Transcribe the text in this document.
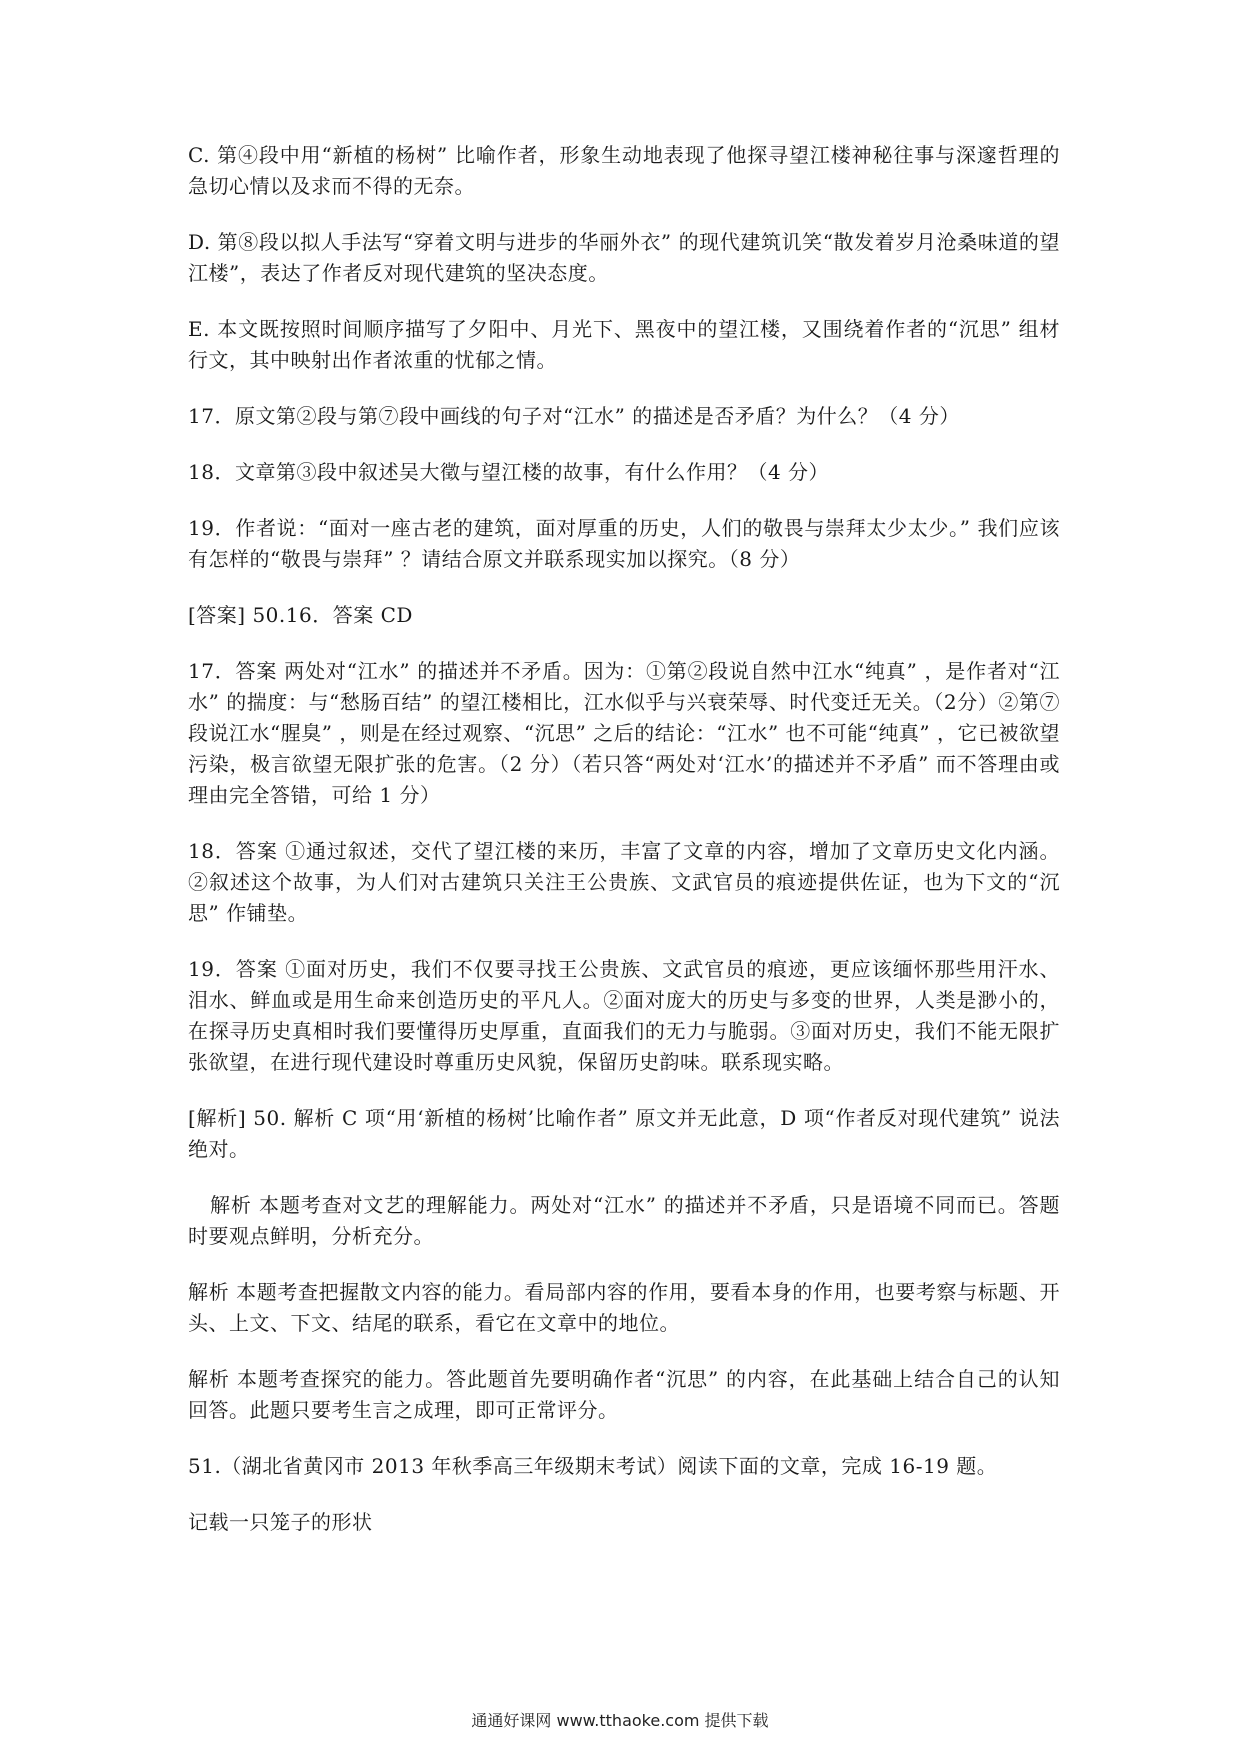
C. 第④段中用“新植的杨树” 比喻作者，形象生动地表现了他探寻望江楼神秘往事与深邃哲理的急切心情以及求而不得的无奈。

D. 第⑧段以拟人手法写“穿着文明与进步的华丽外衣” 的现代建筑讥笑“散发着岁月沧桑味道的望江楼”，表达了作者反对现代建筑的坚决态度。

E. 本文既按照时间顺序描写了夕阳中、月光下、黑夜中的望江楼，又围绕着作者的“沉思” 组材行文，其中映射出作者浓重的忧郁之情。

17．原文第②段与第⑦段中画线的句子对“江水” 的描述是否矛盾？为什么？（4 分）

18．文章第③段中叙述吴大徵与望江楼的故事，有什么作用？（4 分）

19．作者说：“面对一座古老的建筑，面对厚重的历史，人们的敬畏与崇拜太少太少。” 我们应该有怎样的“敬畏与崇拜” ？请结合原文并联系现实加以探究。（8 分）

[答案] 50.16．答案 CD

17．答案 两处对“江水” 的描述并不矛盾。因为：①第②段说自然中江水“纯真” ，是作者对“江水” 的揣度：与“愁肠百结” 的望江楼相比，江水似乎与兴衰荣辱、时代变迁无关。（2分）②第⑦段说江水“腥臭” ，则是在经过观察、“沉思” 之后的结论：“江水” 也不可能“纯真” ，它已被欲望污染，极言欲望无限扩张的危害。（2 分）（若只答“两处对‘江水’的描述并不矛盾” 而不答理由或理由完全答错，可给 1 分）

18．答案 ①通过叙述，交代了望江楼的来历，丰富了文章的内容，增加了文章历史文化内涵。②叙述这个故事，为人们对古建筑只关注王公贵族、文武官员的痕迹提供佐证，也为下文的“沉思” 作铺垫。

19．答案 ①面对历史，我们不仅要寻找王公贵族、文武官员的痕迹，更应该缅怀那些用汗水、泪水、鲜血或是用生命来创造历史的平凡人。②面对庞大的历史与多变的世界，人类是渺小的，在探寻历史真相时我们要懂得历史厚重，直面我们的无力与脆弱。③面对历史，我们不能无限扩张欲望，在进行现代建设时尊重历史风貌，保留历史韵味。联系现实略。

[解析] 50. 解析 C 项“用‘新植的杨树’比喻作者” 原文并无此意，D 项“作者反对现代建筑” 说法绝对。

解析 本题考查对文艺的理解能力。两处对“江水” 的描述并不矛盾，只是语境不同而已。答题时要观点鲜明，分析充分。

解析 本题考查把握散文内容的能力。看局部内容的作用，要看本身的作用，也要考察与标题、开头、上文、下文、结尾的联系，看它在文章中的地位。

解析 本题考查探究的能力。答此题首先要明确作者“沉思” 的内容，在此基础上结合自己的认知回答。此题只要考生言之成理，即可正常评分。

51.（湖北省黄冈市 2013 年秋季高三年级期末考试）阅读下面的文章，完成 16-19 题。

记载一只笼子的形状

通通好课网 www.tthaoke.com 提供下载
